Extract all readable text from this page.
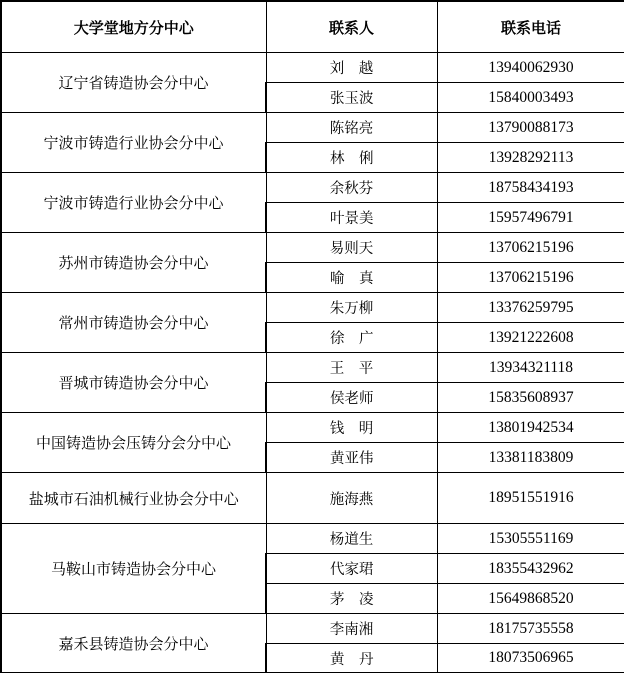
大学堂地方分中心	联系人	联系电话
辽宁省铸造协会分中心	刘　越	13940062930
	张玉波	15840003493
宁波市铸造行业协会分中心	陈铭亮	13790088173
	林　俐	13928292113
宁波市铸造行业协会分中心	余秋芬	18758434193
	叶景美	15957496791
苏州市铸造协会分中心	易则天	13706215196
	喻　真	13706215196
常州市铸造协会分中心	朱万柳	13376259795
	徐　广	13921222608
晋城市铸造协会分中心	王　平	13934321118
	侯老师	15835608937
中国铸造协会压铸分会分中心	钱　明	13801942534
	黄亚伟	13381183809
盐城市石油机械行业协会分中心	施海燕	18951551916
马鞍山市铸造协会分中心	杨道生	15305551169
	代家珺	18355432962
	茅　凌	15649868520
嘉禾县铸造协会分中心	李南湘	18175735558
	黄　丹	18073506965
